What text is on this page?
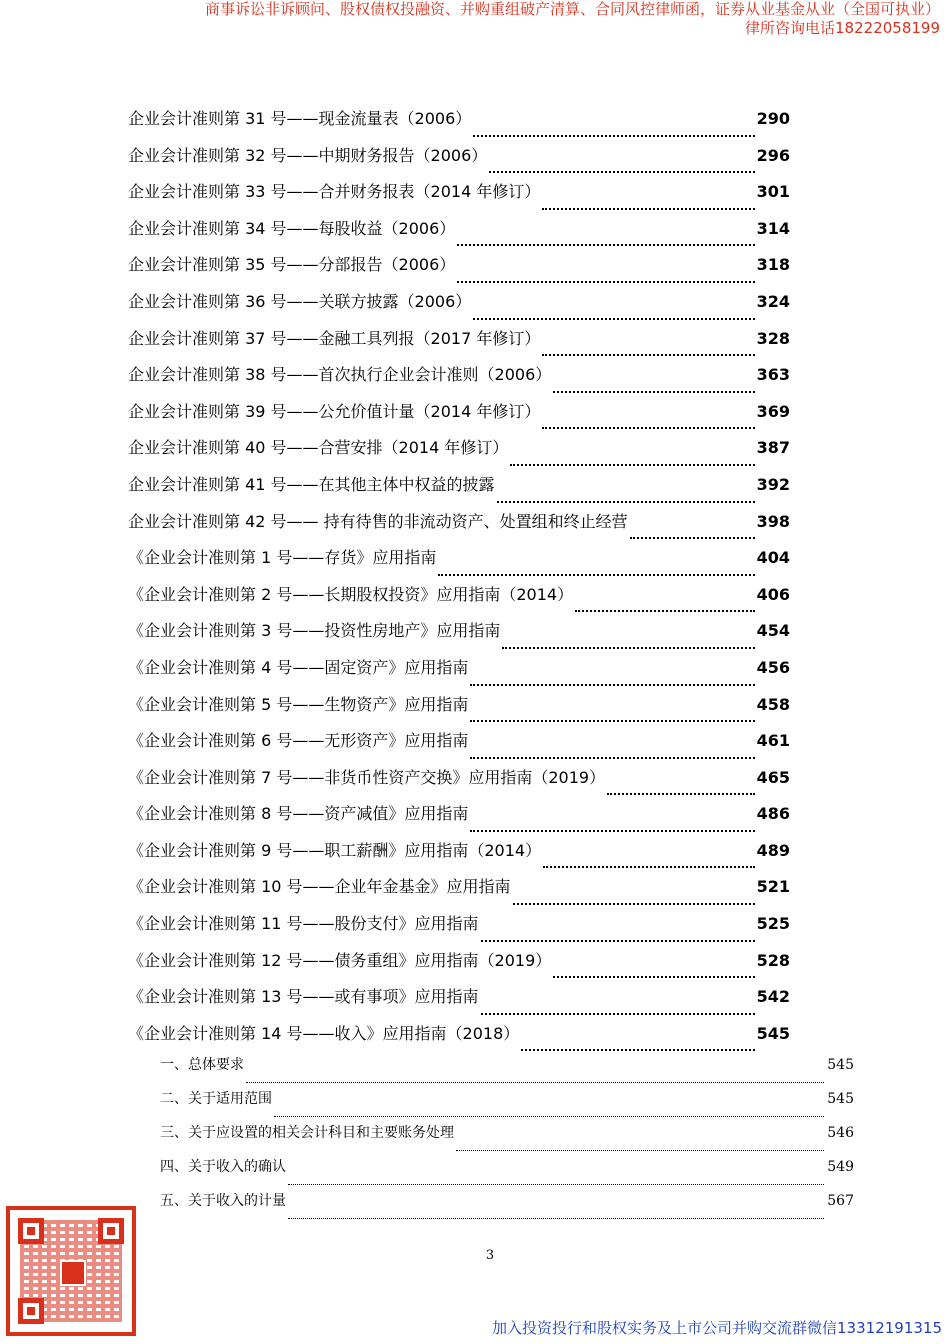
商事诉讼非诉顾问、股权债权投融资、并购重组破产清算、合同风控律师函，证券从业基金从业（全国可执业）
律所咨询电话18222058199
企业会计准则第 31 号——现金流量表（2006）	290
企业会计准则第 32 号——中期财务报告（2006）	296
企业会计准则第 33 号——合并财务报表（2014 年修订）	301
企业会计准则第 34 号——每股收益（2006）	314
企业会计准则第 35 号——分部报告（2006）	318
企业会计准则第 36 号——关联方披露（2006）	324
企业会计准则第 37 号——金融工具列报（2017 年修订）	328
企业会计准则第 38 号——首次执行企业会计准则（2006）	363
企业会计准则第 39 号——公允价值计量（2014 年修订）	369
企业会计准则第 40 号——合营安排（2014 年修订）	387
企业会计准则第 41 号——在其他主体中权益的披露	392
企业会计准则第 42 号—— 持有待售的非流动资产、处置组和终止经营	398
《企业会计准则第 1 号——存货》应用指南	404
《企业会计准则第 2 号——长期股权投资》应用指南（2014）	406
《企业会计准则第 3 号——投资性房地产》应用指南	454
《企业会计准则第 4 号——固定资产》应用指南	456
《企业会计准则第 5 号——生物资产》应用指南	458
《企业会计准则第 6 号——无形资产》应用指南	461
《企业会计准则第 7 号——非货币性资产交换》应用指南（2019）	465
《企业会计准则第 8 号——资产减值》应用指南	486
《企业会计准则第 9 号——职工薪酬》应用指南（2014）	489
《企业会计准则第 10 号——企业年金基金》应用指南	521
《企业会计准则第 11 号——股份支付》应用指南	525
《企业会计准则第 12 号——债务重组》应用指南（2019）	528
《企业会计准则第 13 号——或有事项》应用指南	542
《企业会计准则第 14 号——收入》应用指南（2018）	545
一、总体要求	545
二、关于适用范围	545
三、关于应设置的相关会计科目和主要账务处理	546
四、关于收入的确认	549
五、关于收入的计量	567
3
加入投资投行和股权实务及上市公司并购交流群微信13312191315
